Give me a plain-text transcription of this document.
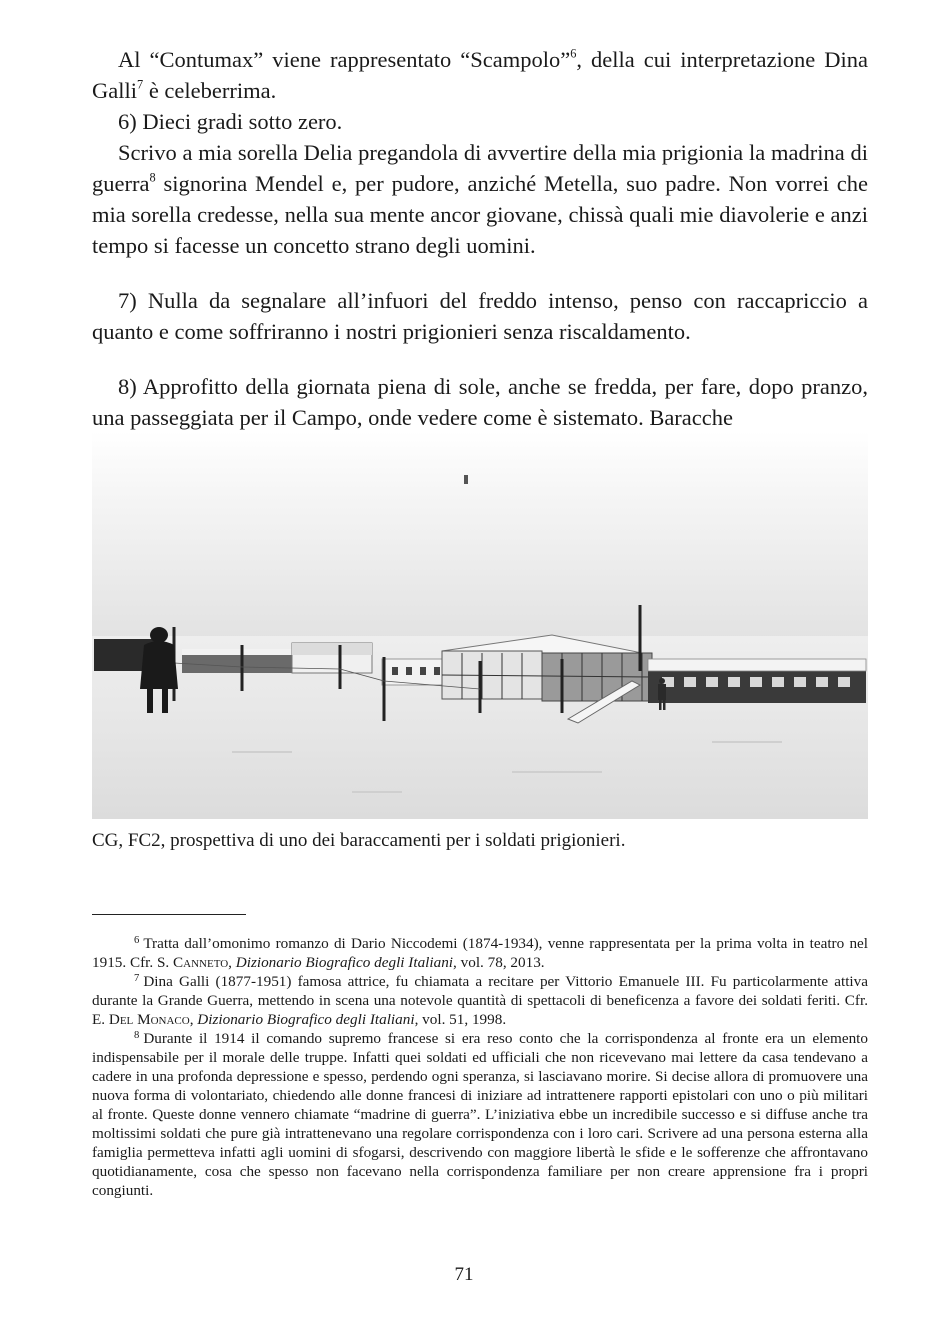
Al “Contumax” viene rappresentato “Scampolo”$^6$, della cui interpretazione Dina Galli$^7$ è celeberrima.

6) Dieci gradi sotto zero.

Scrivo a mia sorella Delia pregandola di avvertire della mia prigionia la madrina di guerra$^8$ signorina Mendel e, per pudore, anziché Metella, suo padre. Non vorrei che mia sorella credesse, nella sua mente ancor giovane, chissà quali mie diavolerie e anzi tempo si facesse un concetto strano degli uomini.

7) Nulla da segnalare all’infuori del freddo intenso, penso con raccapriccio a quanto e come soffriranno i nostri prigionieri senza riscaldamento.

8) Approfitto della giornata piena di sole, anche se fredda, per fare, dopo pranzo, una passeggiata per il Campo, onde vedere come è sistemato. Baracche

CG, FC2, prospettiva di uno dei baraccamenti per i soldati prigionieri.

$^6$ Tratta dall’omonimo romanzo di Dario Niccodemi (1874-1934), venne rappresentata per la prima volta in teatro nel 1915. Cfr. S. Canneto, Dizionario Biografico degli Italiani, vol. 78, 2013.

$^7$ Dina Galli (1877-1951) famosa attrice, fu chiamata a recitare per Vittorio Emanuele III. Fu particolarmente attiva durante la Grande Guerra, mettendo in scena una notevole quantità di spettacoli di beneficenza a favore dei soldati feriti. Cfr. E. Del Monaco, Dizionario Biografico degli Italiani, vol. 51, 1998.

$^8$ Durante il 1914 il comando supremo francese si era reso conto che la corrispondenza al fronte era un elemento indispensabile per il morale delle truppe. Infatti quei soldati ed ufficiali che non ricevevano mai lettere da casa tendevano a cadere in una profonda depressione e spesso, perdendo ogni speranza, si lasciavano morire. Si decise allora di promuovere una nuova forma di volontariato, chiedendo alle donne francesi di iniziare ad intrattenere rapporti epistolari con uno o più militari al fronte. Queste donne vennero chiamate “madrine di guerra”. L’iniziativa ebbe un incredibile successo e si diffuse anche tra moltissimi soldati che pure già intrattenevano una regolare corrispondenza con i loro cari. Scrivere ad una persona esterna alla famiglia permetteva infatti agli uomini di sfogarsi, descrivendo con maggiore libertà le sfide e le sofferenze che affrontavano quotidianamente, cosa che spesso non facevano nella corrispondenza familiare per non creare apprensione fra i propri congiunti.

71
